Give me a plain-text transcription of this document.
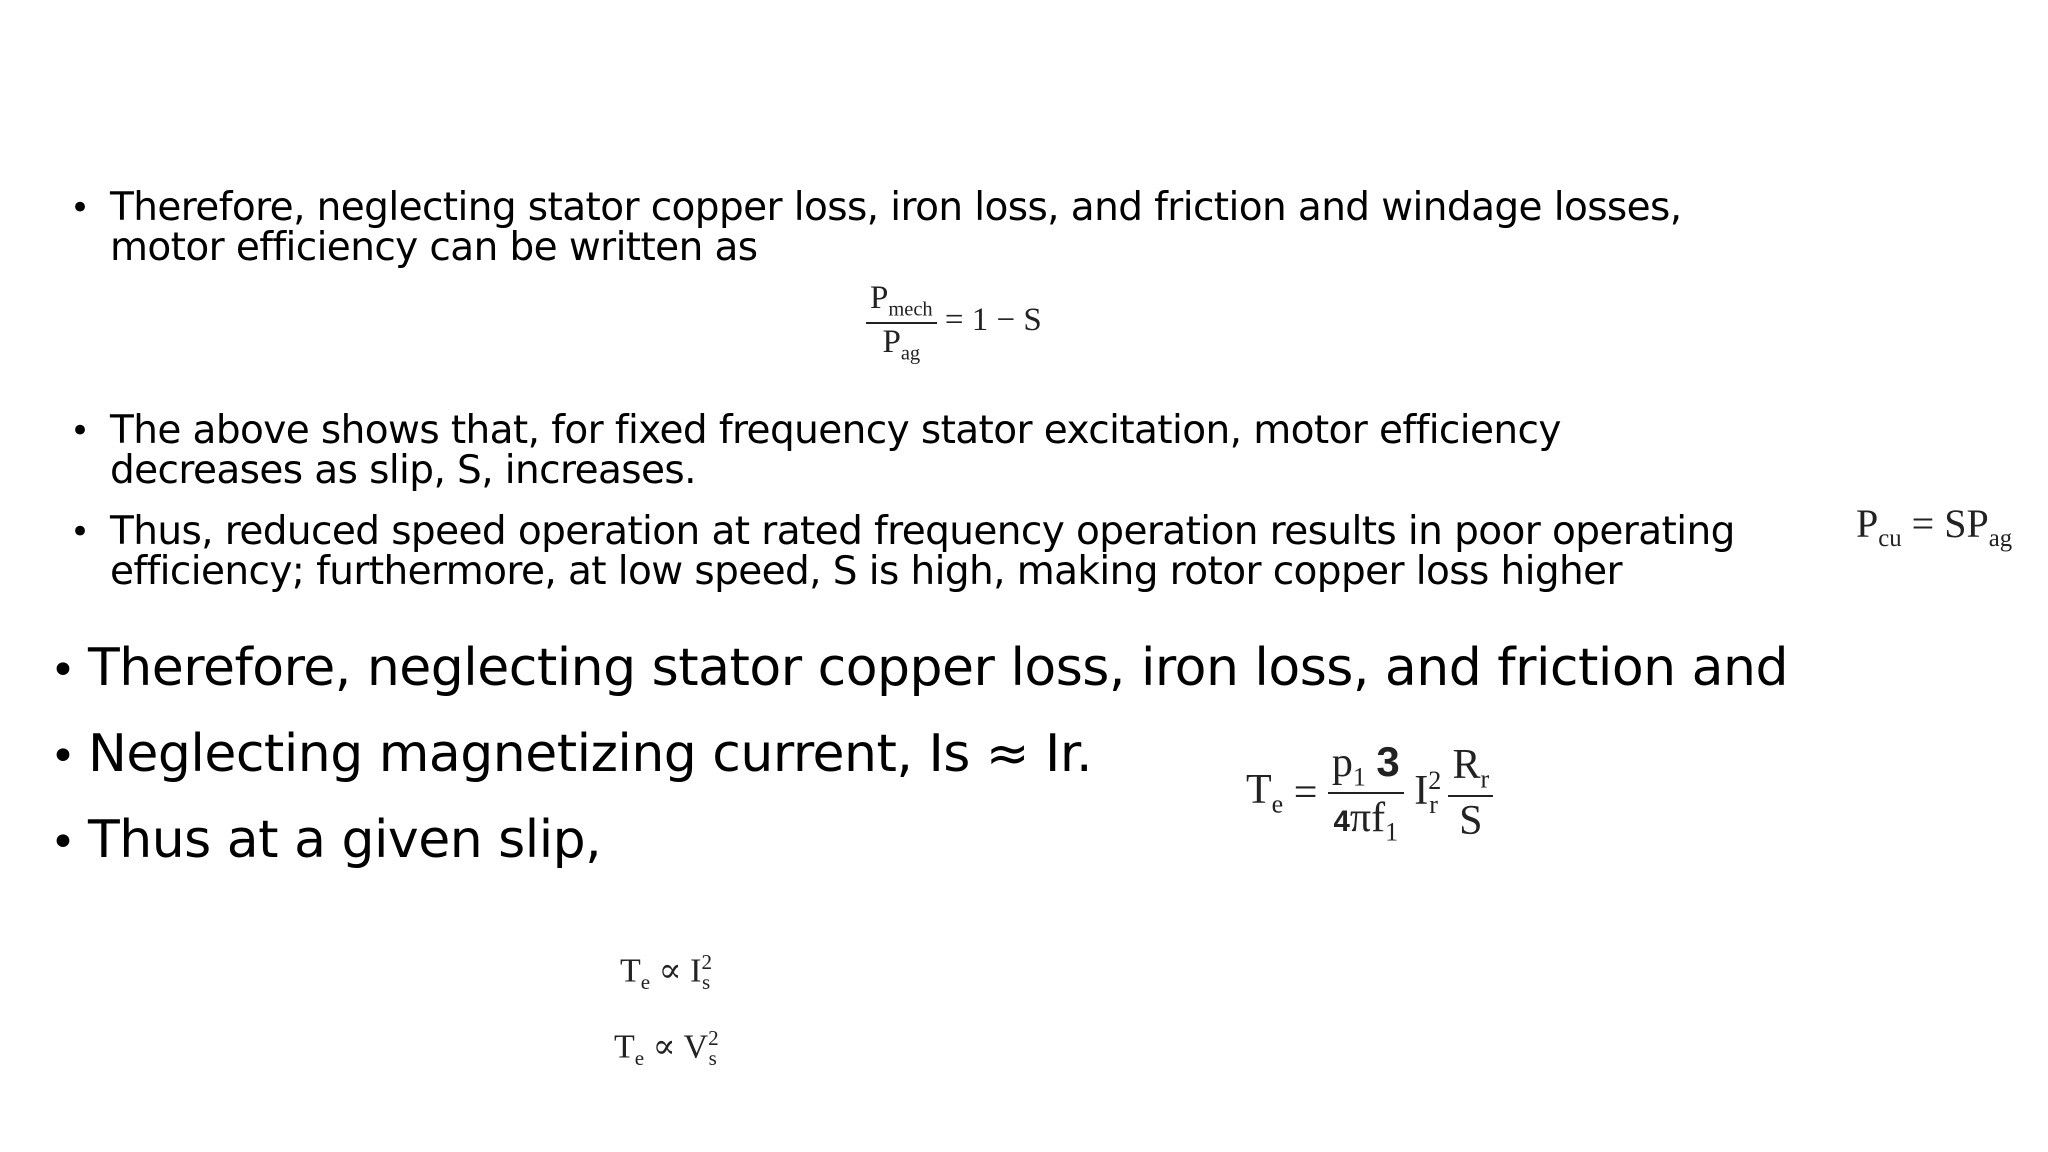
• Therefore, neglecting stator copper loss, iron loss, and friction and windage losses,
motor efficiency can be written as
$\frac{P_{mech}}{P_{ag}} = 1 - S$
• The above shows that, for fixed frequency stator excitation, motor efficiency
decreases as slip, S, increases.
• Thus, reduced speed operation at rated frequency operation results in poor operating
efficiency; furthermore, at low speed, S is high, making rotor copper loss higher
$P_{cu} = SP_{ag}$
• Therefore, neglecting stator copper loss, iron loss, and friction and
• Neglecting magnetizing current, Is ≈ Ir.
• Thus at a given slip,
$T_e = \frac{p_1 3}{4\pi f_1} I^2_r \frac{R_r}{S}$
$T_e \propto I^2_s$
$T_e \propto V^2_s$
